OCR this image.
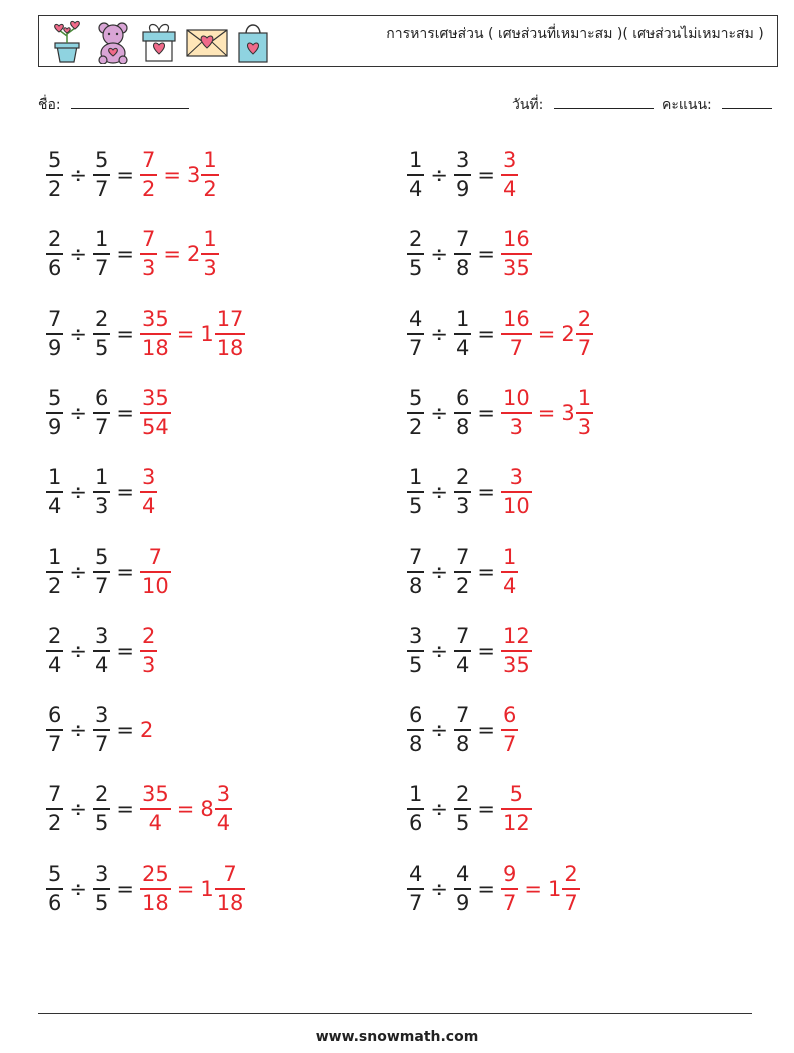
การหารเศษส่วน ( เศษส่วนที่เหมาะสม )( เศษส่วนไม่เหมาะสม )
ชื่อ:	วันที่:	คะแนน:
$\frac{5}{2} \div \frac{5}{7} = \frac{7}{2} = 3 \frac{1}{2}$	$\frac{1}{4} \div \frac{3}{9} = \frac{3}{4}$
$\frac{2}{6} \div \frac{1}{7} = \frac{7}{3} = 2 \frac{1}{3}$	$\frac{2}{5} \div \frac{7}{8} = \frac{16}{35}$
$\frac{7}{9} \div \frac{2}{5} = \frac{35}{18} = 1 \frac{17}{18}$	$\frac{4}{7} \div \frac{1}{4} = \frac{16}{7} = 2 \frac{2}{7}$
$\frac{5}{9} \div \frac{6}{7} = \frac{35}{54}$	$\frac{5}{2} \div \frac{6}{8} = \frac{10}{3} = 3 \frac{1}{3}$
$\frac{1}{4} \div \frac{1}{3} = \frac{3}{4}$	$\frac{1}{5} \div \frac{2}{3} = \frac{3}{10}$
$\frac{1}{2} \div \frac{5}{7} = \frac{7}{10}$	$\frac{7}{8} \div \frac{7}{2} = \frac{1}{4}$
$\frac{2}{4} \div \frac{3}{4} = \frac{2}{3}$	$\frac{3}{5} \div \frac{7}{4} = \frac{12}{35}$
$\frac{6}{7} \div \frac{3}{7} = 2$	$\frac{6}{8} \div \frac{7}{8} = \frac{6}{7}$
$\frac{7}{2} \div \frac{2}{5} = \frac{35}{4} = 8 \frac{3}{4}$	$\frac{1}{6} \div \frac{2}{5} = \frac{5}{12}$
$\frac{5}{6} \div \frac{3}{5} = \frac{25}{18} = 1 \frac{7}{18}$	$\frac{4}{7} \div \frac{4}{9} = \frac{9}{7} = 1 \frac{2}{7}$
www.snowmath.com
